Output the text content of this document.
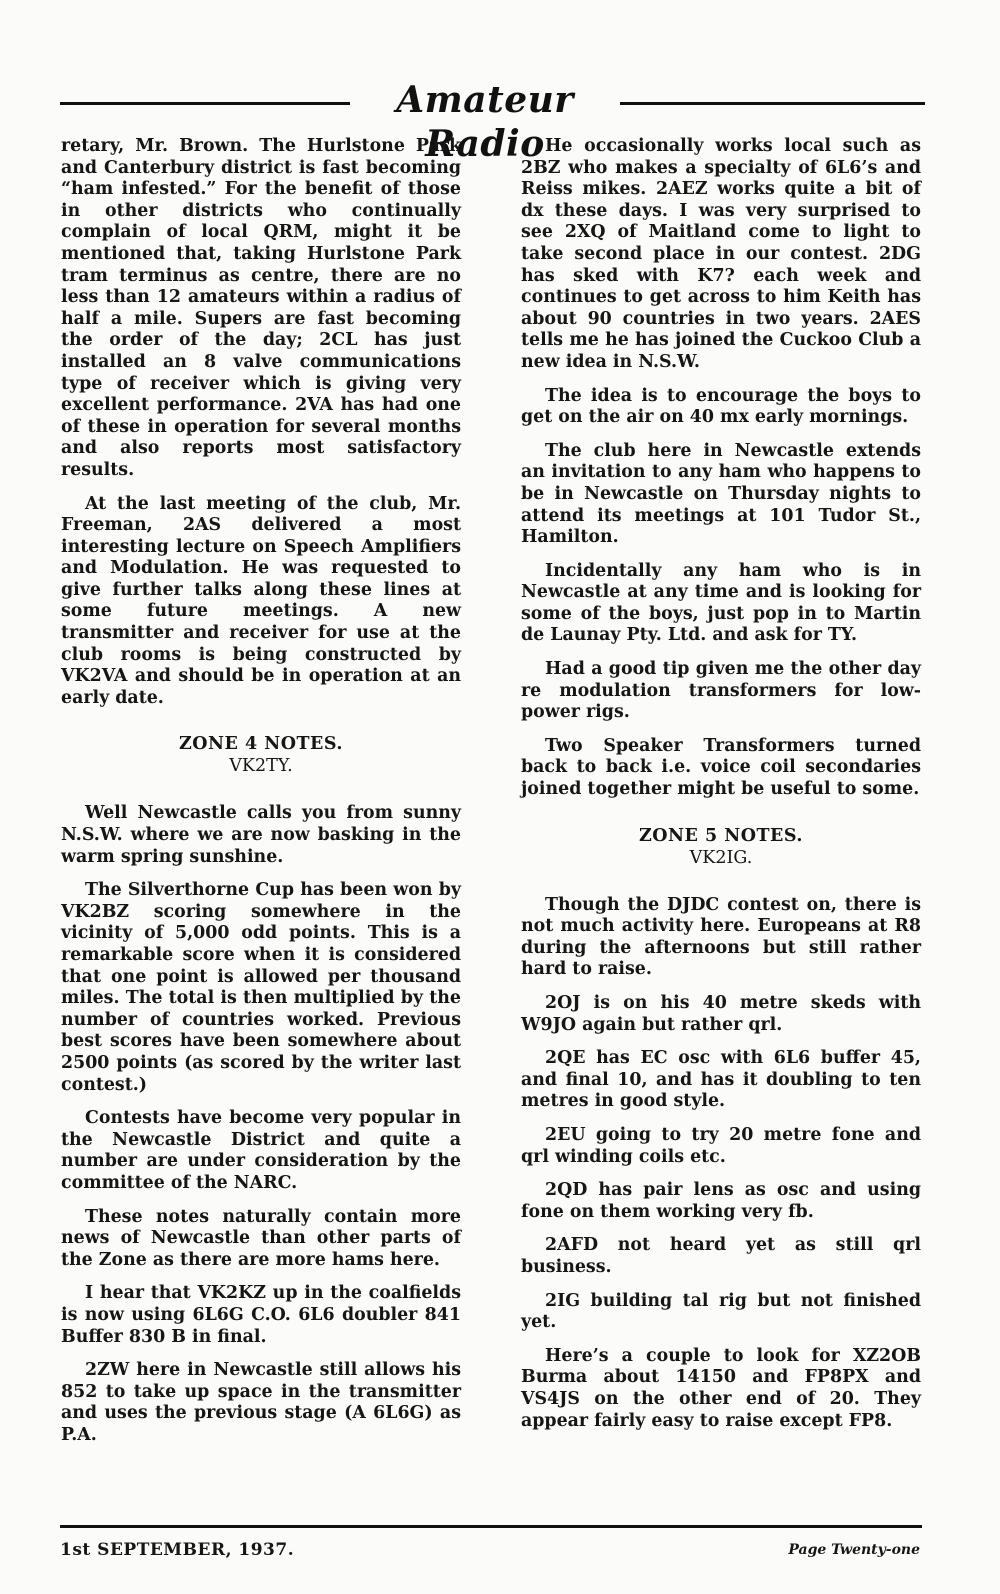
Amateur Radio

retary, Mr. Brown. The Hurlstone Park and Canterbury district is fast becoming “ham infested.” For the benefit of those in other districts who continually complain of local QRM, might it be mentioned that, taking Hurlstone Park tram terminus as centre, there are no less than 12 amateurs within a radius of half a mile. Supers are fast becoming the order of the day; 2CL has just installed an 8 valve communications type of receiver which is giving very excellent performance. 2VA has had one of these in operation for several months and also reports most satisfactory results.

At the last meeting of the club, Mr. Freeman, 2AS delivered a most interesting lecture on Speech Amplifiers and Modulation. He was requested to give further talks along these lines at some future meetings. A new transmitter and receiver for use at the club rooms is being constructed by VK2VA and should be in operation at an early date.

ZONE 4 NOTES.
VK2TY.

Well Newcastle calls you from sunny N.S.W. where we are now basking in the warm spring sunshine.

The Silverthorne Cup has been won by VK2BZ scoring somewhere in the vicinity of 5,000 odd points. This is a remarkable score when it is considered that one point is allowed per thousand miles. The total is then multiplied by the number of countries worked. Previous best scores have been somewhere about 2500 points (as scored by the writer last contest.)

Contests have become very popular in the Newcastle District and quite a number are under consideration by the committee of the NARC.

These notes naturally contain more news of Newcastle than other parts of the Zone as there are more hams here.

I hear that VK2KZ up in the coalfields is now using 6L6G C.O. 6L6 doubler 841 Buffer 830 B in final.

2ZW here in Newcastle still allows his 852 to take up space in the transmitter and uses the previous stage (A 6L6G) as P.A.

He occasionally works local such as 2BZ who makes a specialty of 6L6’s and Reiss mikes. 2AEZ works quite a bit of dx these days. I was very surprised to see 2XQ of Maitland come to light to take second place in our contest. 2DG has sked with K7? each week and continues to get across to him Keith has about 90 countries in two years. 2AES tells me he has joined the Cuckoo Club a new idea in N.S.W.

The idea is to encourage the boys to get on the air on 40 mx early mornings.

The club here in Newcastle extends an invitation to any ham who happens to be in Newcastle on Thursday nights to attend its meetings at 101 Tudor St., Hamilton.

Incidentally any ham who is in Newcastle at any time and is looking for some of the boys, just pop in to Martin de Launay Pty. Ltd. and ask for TY.

Had a good tip given me the other day re modulation transformers for low-power rigs.

Two Speaker Transformers turned back to back i.e. voice coil secondaries joined together might be useful to some.

ZONE 5 NOTES.
VK2IG.

Though the DJDC contest on, there is not much activity here. Europeans at R8 during the afternoons but still rather hard to raise.

2OJ is on his 40 metre skeds with W9JO again but rather qrl.

2QE has EC osc with 6L6 buffer 45, and final 10, and has it doubling to ten metres in good style.

2EU going to try 20 metre fone and qrl winding coils etc.

2QD has pair lens as osc and using fone on them working very fb.

2AFD not heard yet as still qrl business.

2IG building tal rig but not finished yet.

Here’s a couple to look for XZ2OB Burma about 14150 and FP8PX and VS4JS on the other end of 20. They appear fairly easy to raise except FP8.

1st SEPTEMBER, 1937.	Page Twenty-one
